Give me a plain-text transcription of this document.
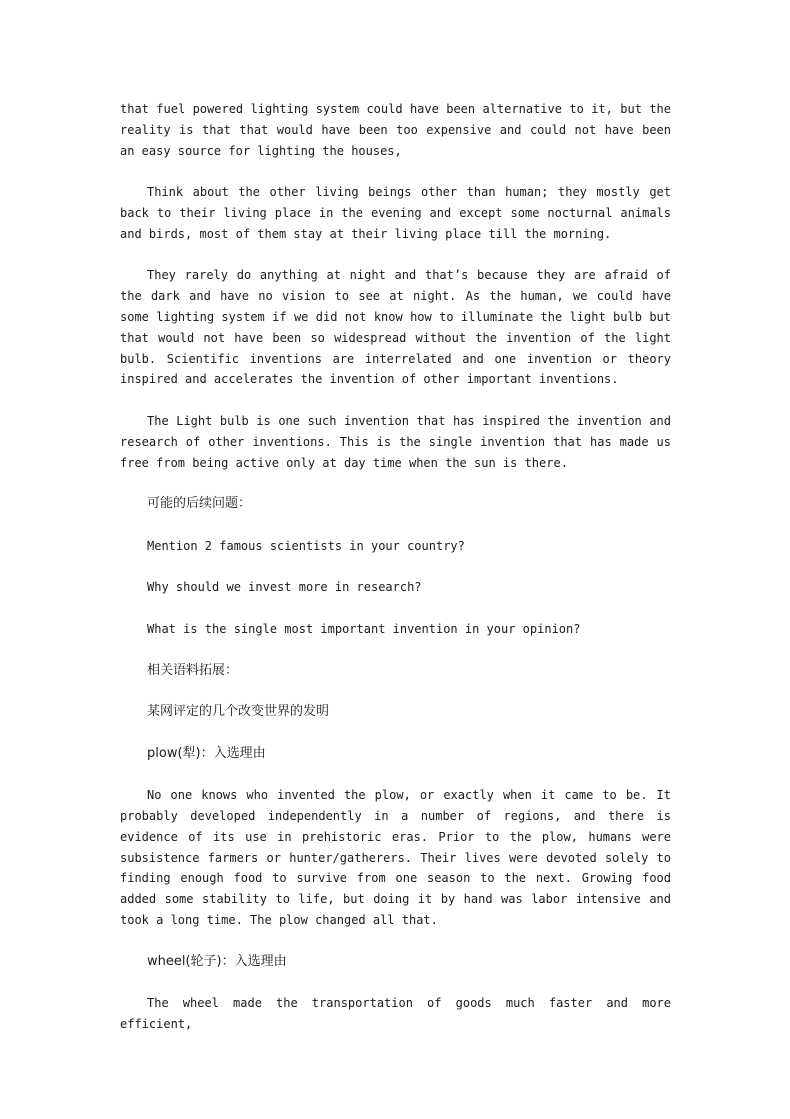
that fuel powered lighting system could have been alternative to it, but the reality is that that would have been too expensive and could not have been an easy source for lighting the houses,

Think about the other living beings other than human; they mostly get back to their living place in the evening and except some nocturnal animals and birds, most of them stay at their living place till the morning.

They rarely do anything at night and that’s because they are afraid of the dark and have no vision to see at night. As the human, we could have some lighting system if we did not know how to illuminate the light bulb but that would not have been so widespread without the invention of the light bulb. Scientific inventions are interrelated and one invention or theory inspired and accelerates the invention of other important inventions.

The Light bulb is one such invention that has inspired the invention and research of other inventions. This is the single invention that has made us free from being active only at day time when the sun is there.

可能的后续问题：
Mention 2 famous scientists in your country?
Why should we invest more in research?
What is the single most important invention in your opinion?
相关语料拓展：
某网评定的几个改变世界的发明
plow(犁)：入选理由

No one knows who invented the plow, or exactly when it came to be. It probably developed independently in a number of regions, and there is evidence of its use in prehistoric eras. Prior to the plow, humans were subsistence farmers or hunter/gatherers. Their lives were devoted solely to finding enough food to survive from one season to the next. Growing food added some stability to life, but doing it by hand was labor intensive and took a long time. The plow changed all that.

wheel(轮子)：入选理由

The wheel made the transportation of goods much faster and more efficient,
